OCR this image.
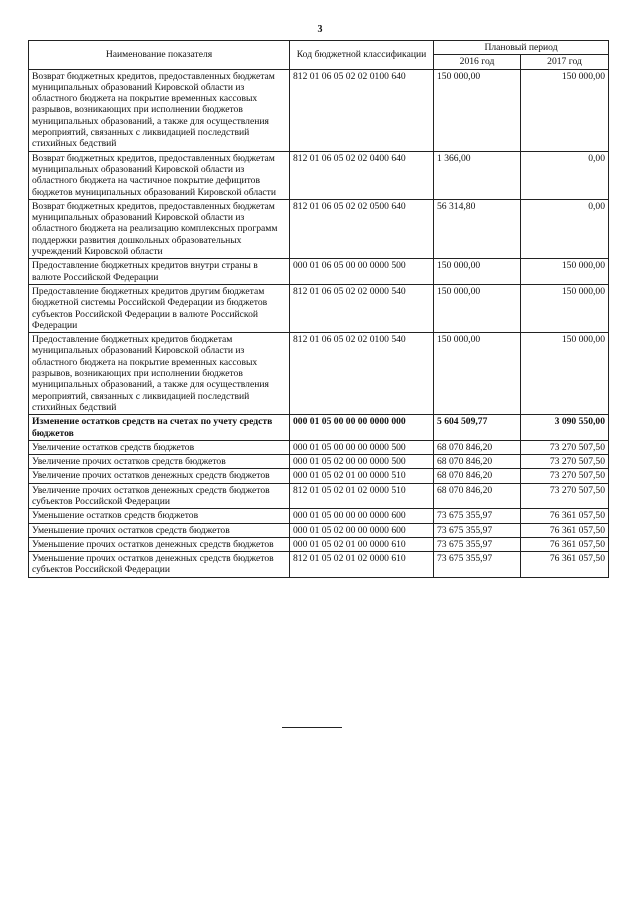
3
Наименование показателя	Код бюджетной классификации	Плановый период	
		2016 год	2017 год
Возврат бюджетных кредитов, предоставленных бюджетам муниципальных образований Кировской области из областного бюджета на покрытие временных кассовых разрывов, возникающих при исполнении бюджетов муниципальных образований, а также для осуществления мероприятий, связанных с ликвидацией последствий стихийных бедствий	812 01 06 05 02 02 0100 640	150 000,00	150 000,00
Возврат бюджетных кредитов, предоставленных бюджетам муниципальных образований Кировской области из областного бюджета на частичное покрытие дефицитов бюджетов муниципальных образований Кировской области	812 01 06 05 02 02 0400 640	1 366,00	0,00
Возврат бюджетных кредитов, предоставленных бюджетам муниципальных образований Кировской области из областного бюджета на реализацию комплексных программ поддержки развития дошкольных образовательных учреждений Кировской области	812 01 06 05 02 02 0500 640	56 314,80	0,00
Предоставление бюджетных кредитов внутри страны в валюте Российской Федерации	000 01 06 05 00 00 0000 500	150 000,00	150 000,00
Предоставление бюджетных кредитов другим бюджетам бюджетной системы Российской Федерации из бюджетов субъектов Российской Федерации в валюте Российской Федерации	812 01 06 05 02 02 0000 540	150 000,00	150 000,00
Предоставление бюджетных кредитов бюджетам муниципальных образований Кировской области из областного бюджета на покрытие временных кассовых разрывов, возникающих при исполнении бюджетов муниципальных образований, а также для осуществления мероприятий, связанных с ликвидацией последствий стихийных бедствий	812 01 06 05 02 02 0100 540	150 000,00	150 000,00
Изменение остатков средств на счетах по учету средств бюджетов	000 01 05 00 00 00 0000 000	5 604 509,77	3 090 550,00
Увеличение остатков средств бюджетов	000 01 05 00 00 00 0000 500	68 070 846,20	73 270 507,50
Увеличение прочих остатков средств бюджетов	000 01 05 02 00 00 0000 500	68 070 846,20	73 270 507,50
Увеличение прочих остатков денежных средств бюджетов	000 01 05 02 01 00 0000 510	68 070 846,20	73 270 507,50
Увеличение прочих остатков денежных средств бюджетов субъектов Российской Федерации	812 01 05 02 01 02 0000 510	68 070 846,20	73 270 507,50
Уменьшение остатков средств бюджетов	000 01 05 00 00 00 0000 600	73 675 355,97	76 361 057,50
Уменьшение прочих остатков средств бюджетов	000 01 05 02 00 00 0000 600	73 675 355,97	76 361 057,50
Уменьшение прочих остатков денежных средств бюджетов	000 01 05 02 01 00 0000 610	73 675 355,97	76 361 057,50
Уменьшение прочих остатков денежных средств бюджетов субъектов Российской Федерации	812 01 05 02 01 02 0000 610	73 675 355,97	76 361 057,50
